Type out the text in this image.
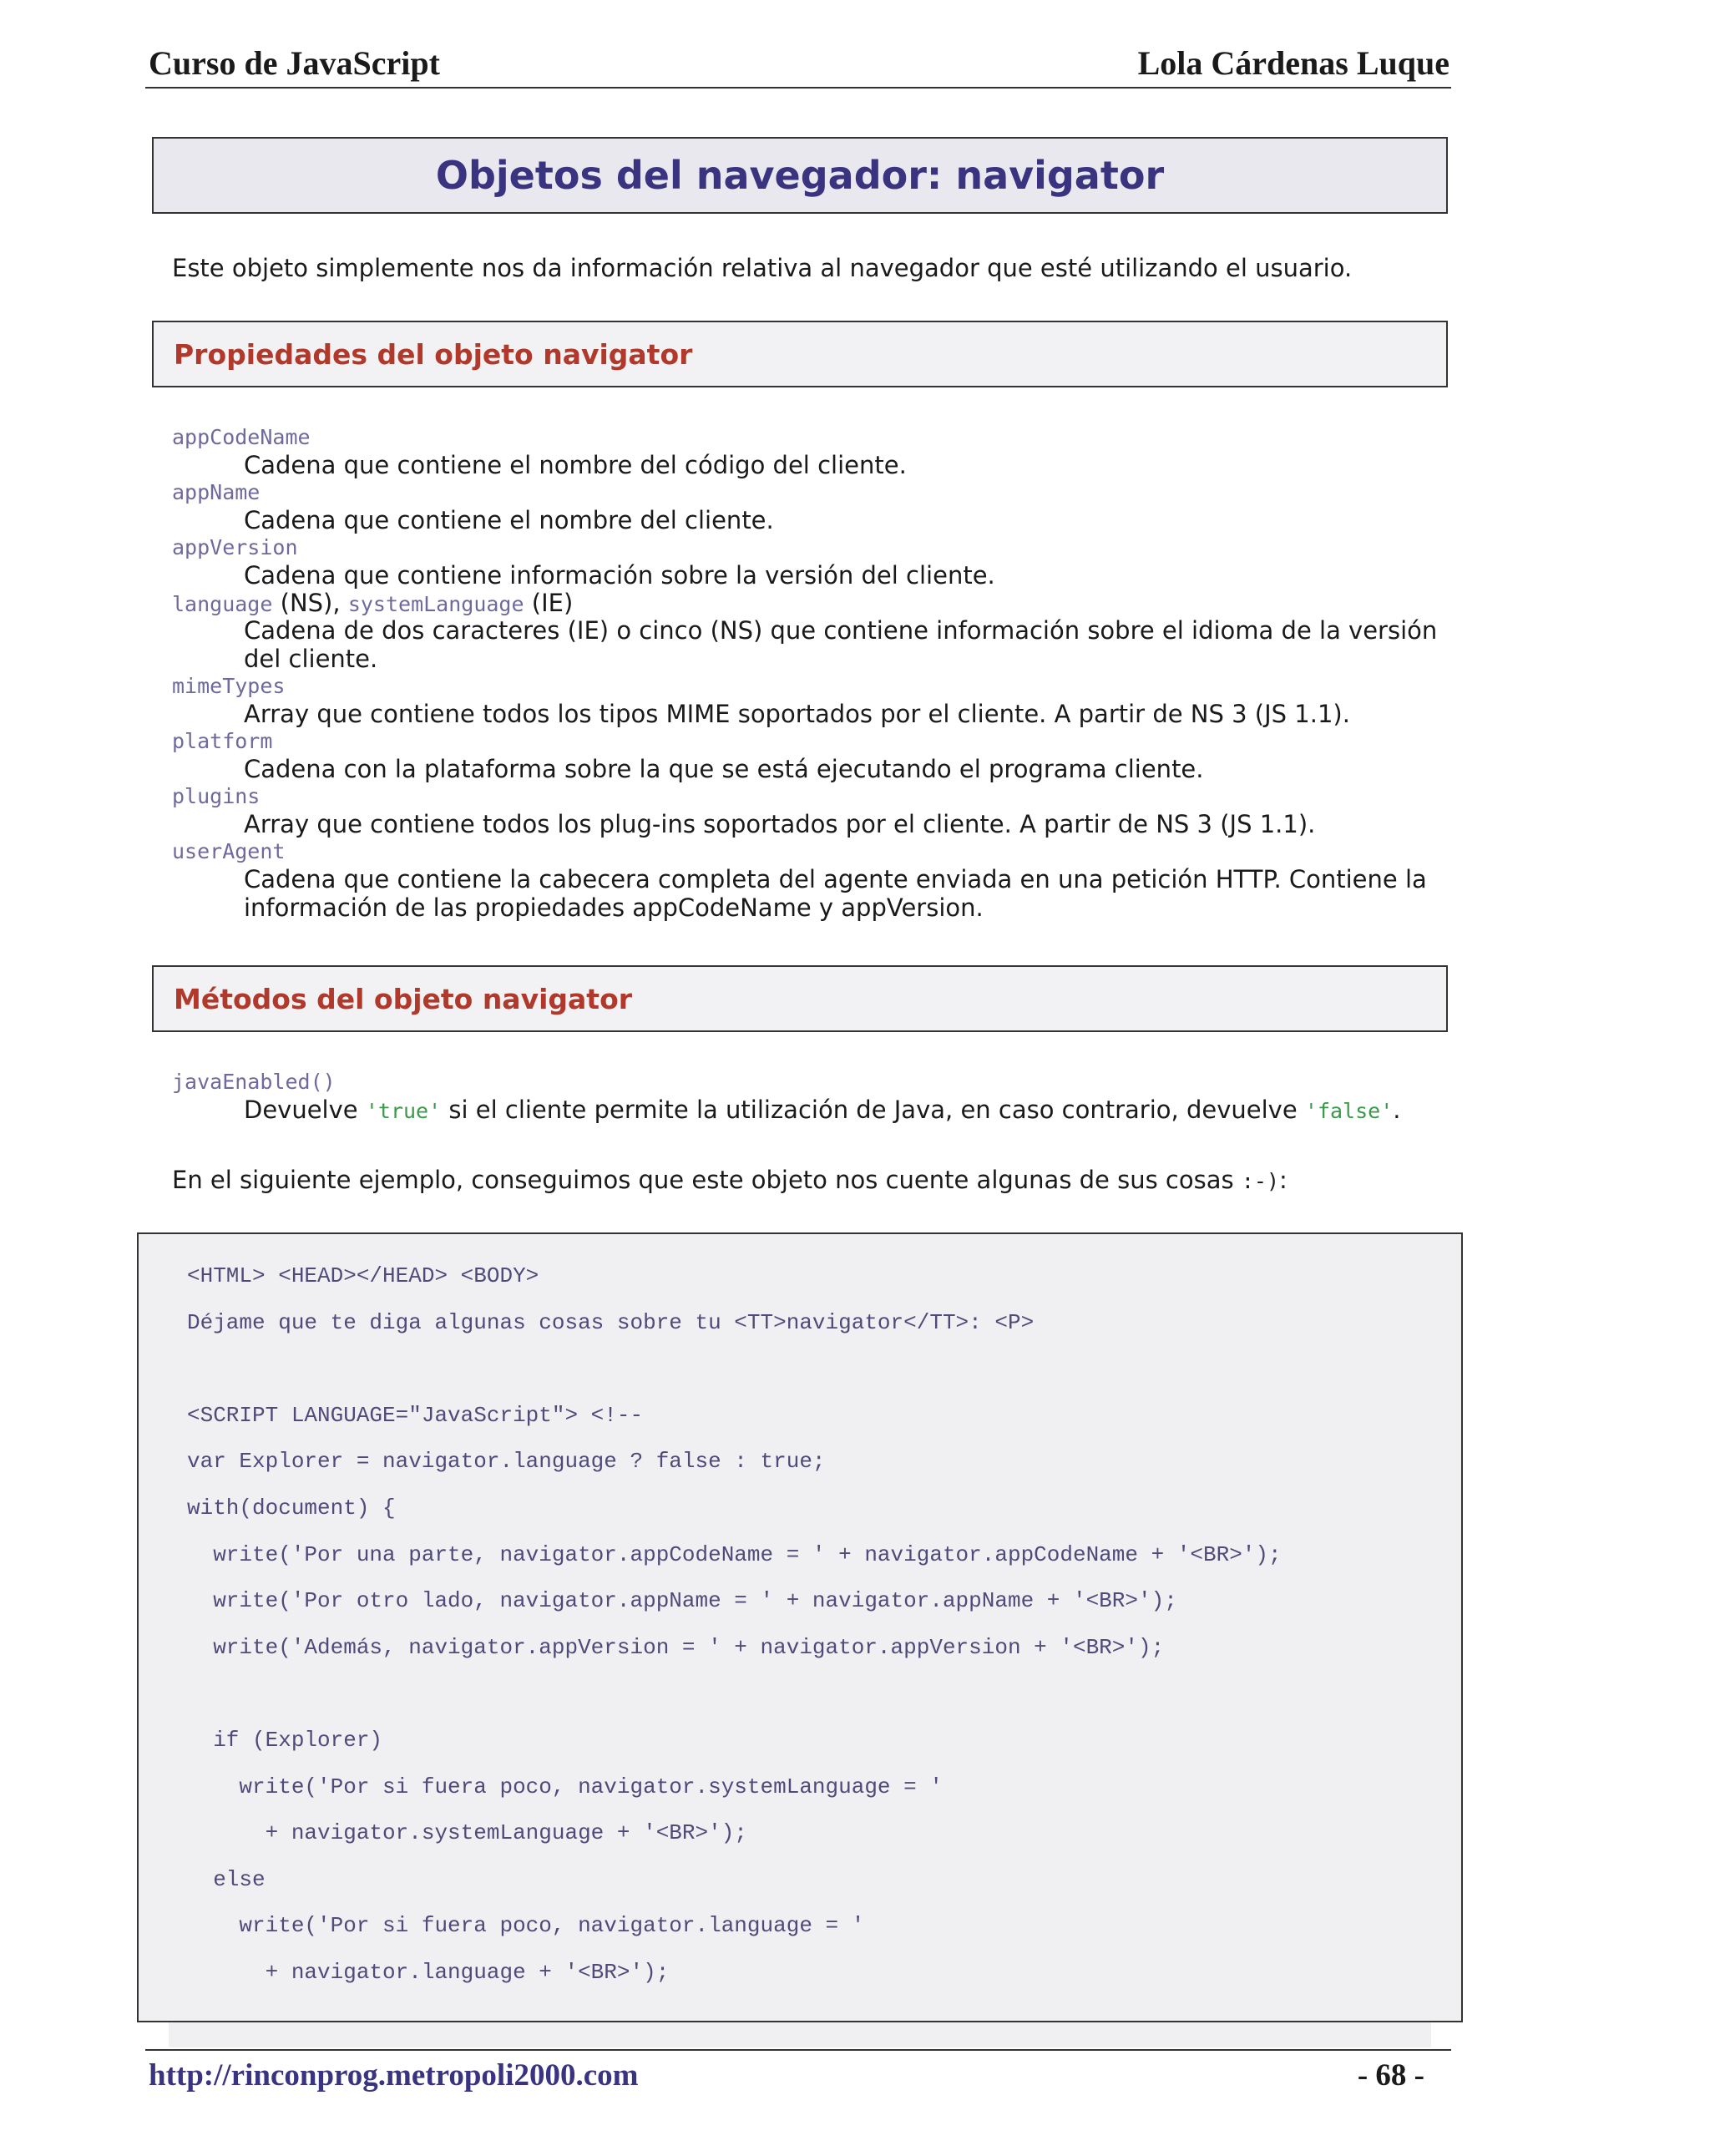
Curso de JavaScript	Lola Cárdenas Luque
Objetos del navegador: navigator
Este objeto simplemente nos da información relativa al navegador que esté utilizando el usuario.
Propiedades del objeto navigator
appCodeName
Cadena que contiene el nombre del código del cliente.
appName
Cadena que contiene el nombre del cliente.
appVersion
Cadena que contiene información sobre la versión del cliente.
language (NS), systemLanguage (IE)
Cadena de dos caracteres (IE) o cinco (NS) que contiene información sobre el idioma de la versión
del cliente.
mimeTypes
Array que contiene todos los tipos MIME soportados por el cliente. A partir de NS 3 (JS 1.1).
platform
Cadena con la plataforma sobre la que se está ejecutando el programa cliente.
plugins
Array que contiene todos los plug-ins soportados por el cliente. A partir de NS 3 (JS 1.1).
userAgent
Cadena que contiene la cabecera completa del agente enviada en una petición HTTP. Contiene la
información de las propiedades appCodeName y appVersion.
Métodos del objeto navigator
javaEnabled()
Devuelve 'true' si el cliente permite la utilización de Java, en caso contrario, devuelve 'false'.
En el siguiente ejemplo, conseguimos que este objeto nos cuente algunas de sus cosas :-):
<HTML> <HEAD></HEAD> <BODY>
Déjame que te diga algunas cosas sobre tu <TT>navigator</TT>: <P>
<SCRIPT LANGUAGE="JavaScript"> <!--
var Explorer = navigator.language ? false : true;
with(document) {
write('Por una parte, navigator.appCodeName = ' + navigator.appCodeName + '<BR>');
write('Por otro lado, navigator.appName = ' + navigator.appName + '<BR>');
write('Además, navigator.appVersion = ' + navigator.appVersion + '<BR>');
if (Explorer)
write('Por si fuera poco, navigator.systemLanguage = '
+ navigator.systemLanguage + '<BR>');
else
write('Por si fuera poco, navigator.language = '
+ navigator.language + '<BR>');
http://rinconprog.metropoli2000.com	- 68 -
